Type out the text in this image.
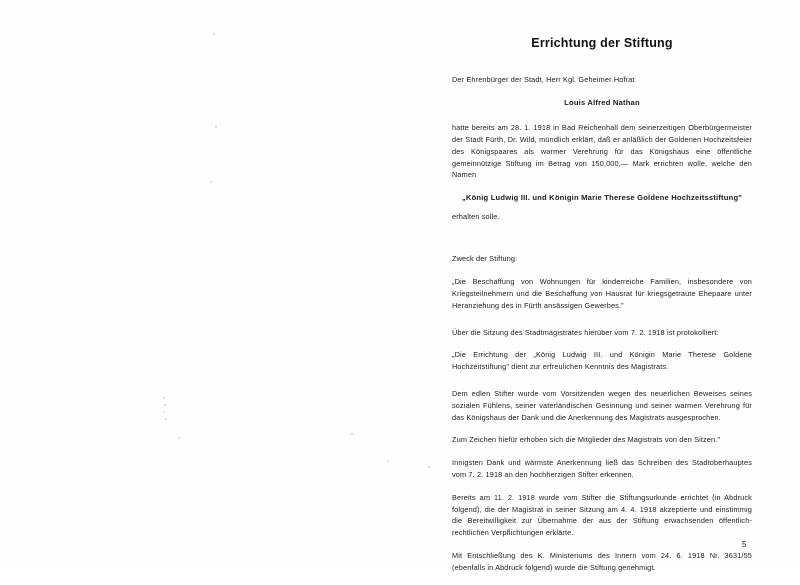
Errichtung der Stiftung

Der Ehrenbürger der Stadt, Herr Kgl. Geheimer Hofrat

Louis Alfred Nathan

hatte bereits am 28. 1. 1918 in Bad Reichenhall dem seinerzeitigen Oberbürgermeister der Stadt Fürth, Dr. Wild, mündlich erklärt, daß er anläßlich der Goldenen Hochzeitsfeier des Königspaares als warmer Verehrung für das Königshaus eine öffentliche gemeinnützige Stiftung im Betrag von 150,000,— Mark errichten wolle, welche den Namen

„König Ludwig III. und Königin Marie Therese Goldene Hochzeitsstiftung"

erhalten solle.

Zweck der Stiftung:

„Die Beschaffung von Wohnungen für kinderreiche Familien, insbesondere von Kriegsteilnehmern und die Beschaffung von Hausrat für kriegsgetraute Ehepaare unter Heranziehung des in Fürth ansässigen Gewerbes."

Über die Sitzung des Stadtmagistrates hierüber vom 7. 2. 1918 ist protokolliert:

„Die Errichtung der „König Ludwig III. und Königin Marie Therese Goldene Hochzeitstiftung" dient zur erfreulichen Kenntnis des Magistrats.

Dem edlen Stifter wurde vom Vorsitzenden wegen des neuerlichen Beweises seines sozialen Fühlens, seiner vaterländischen Gesinnung und seiner warmen Verehrung für das Königshaus der Dank und die Anerkennung des Magistrats ausgesprochen.

Zum Zeichen hiefür erhoben sich die Mitglieder des Magistrats von den Sitzen."

Innigsten Dank und wärmste Anerkennung ließ das Schreiben des Stadtoberhauptes vom 7. 2. 1918 an den hochherzigen Stifter erkennen.

Bereits am 11. 2. 1918 wurde vom Stifter die Stiftungsurkunde errichtet (in Abdruck folgend), die der Magistrat in seiner Sitzung am 4. 4. 1918 akzeptierte und einstimmig die Bereitwilligkeit zur Übernahme der aus der Stiftung erwachsenden öffentlich-rechtlichen Verpflichtungen erklärte.

Mit Entschließung des K. Ministeriums des Innern vom 24. 6. 1918 Nr. 3631/55 (ebenfalls in Abdruck folgend) wurde die Stiftung genehmigt.

5
